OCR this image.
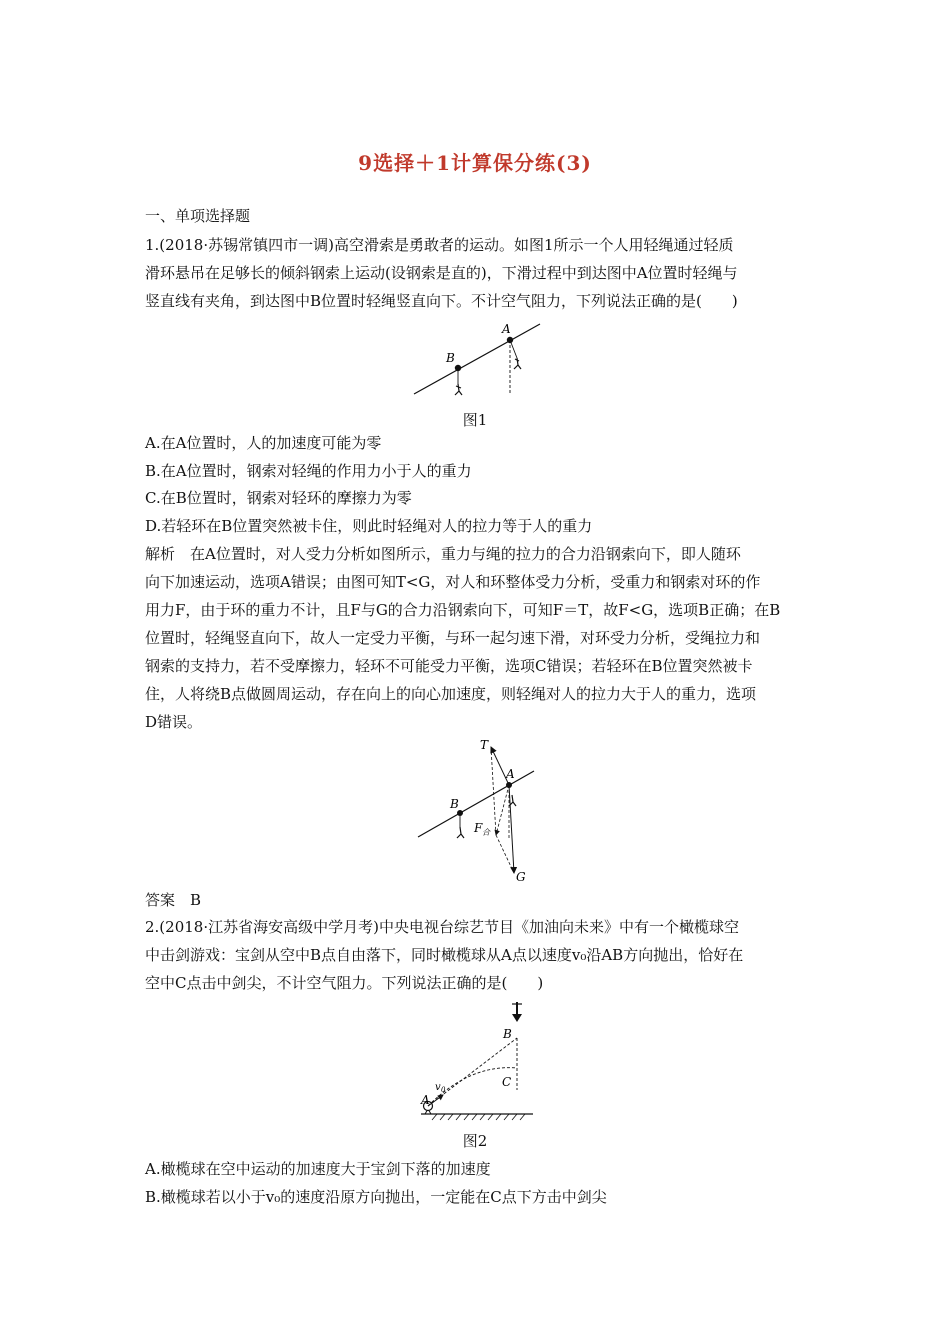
9选择＋1计算保分练(3)
一、单项选择题
1.(2018·苏锡常镇四市一调)高空滑索是勇敢者的运动。如图1所示一个人用轻绳通过轻质
滑环悬吊在足够长的倾斜钢索上运动(设钢索是直的)，下滑过程中到达图中A位置时轻绳与
竖直线有夹角，到达图中B位置时轻绳竖直向下。不计空气阻力，下列说法正确的是(　　)
A
B
图1
A.在A位置时，人的加速度可能为零
B.在A位置时，钢索对轻绳的作用力小于人的重力
C.在B位置时，钢索对轻环的摩擦力为零
D.若轻环在B位置突然被卡住，则此时轻绳对人的拉力等于人的重力
解析　在A位置时，对人受力分析如图所示，重力与绳的拉力的合力沿钢索向下，即人随环
向下加速运动，选项A错误；由图可知T<G，对人和环整体受力分析，受重力和钢索对环的作
用力F，由于环的重力不计，且F与G的合力沿钢索向下，可知F＝T，故F<G，选项B正确；在B
位置时，轻绳竖直向下，故人一定受力平衡，与环一起匀速下滑，对环受力分析，受绳拉力和
钢索的支持力，若不受摩擦力，轻环不可能受力平衡，选项C错误；若轻环在B位置突然被卡
住，人将绕B点做圆周运动，存在向上的向心加速度，则轻绳对人的拉力大于人的重力，选项
D错误。
T
A
B
F 合
G
答案　B
2.(2018·江苏省海安高级中学月考)中央电视台综艺节目《加油向未来》中有一个橄榄球空
中击剑游戏：宝剑从空中B点自由落下，同时橄榄球从A点以速度v₀沿AB方向抛出，恰好在
空中C点击中剑尖，不计空气阻力。下列说法正确的是(　　)
B
C
A
v 0
图2
A.橄榄球在空中运动的加速度大于宝剑下落的加速度
B.橄榄球若以小于v₀的速度沿原方向抛出，一定能在C点下方击中剑尖
